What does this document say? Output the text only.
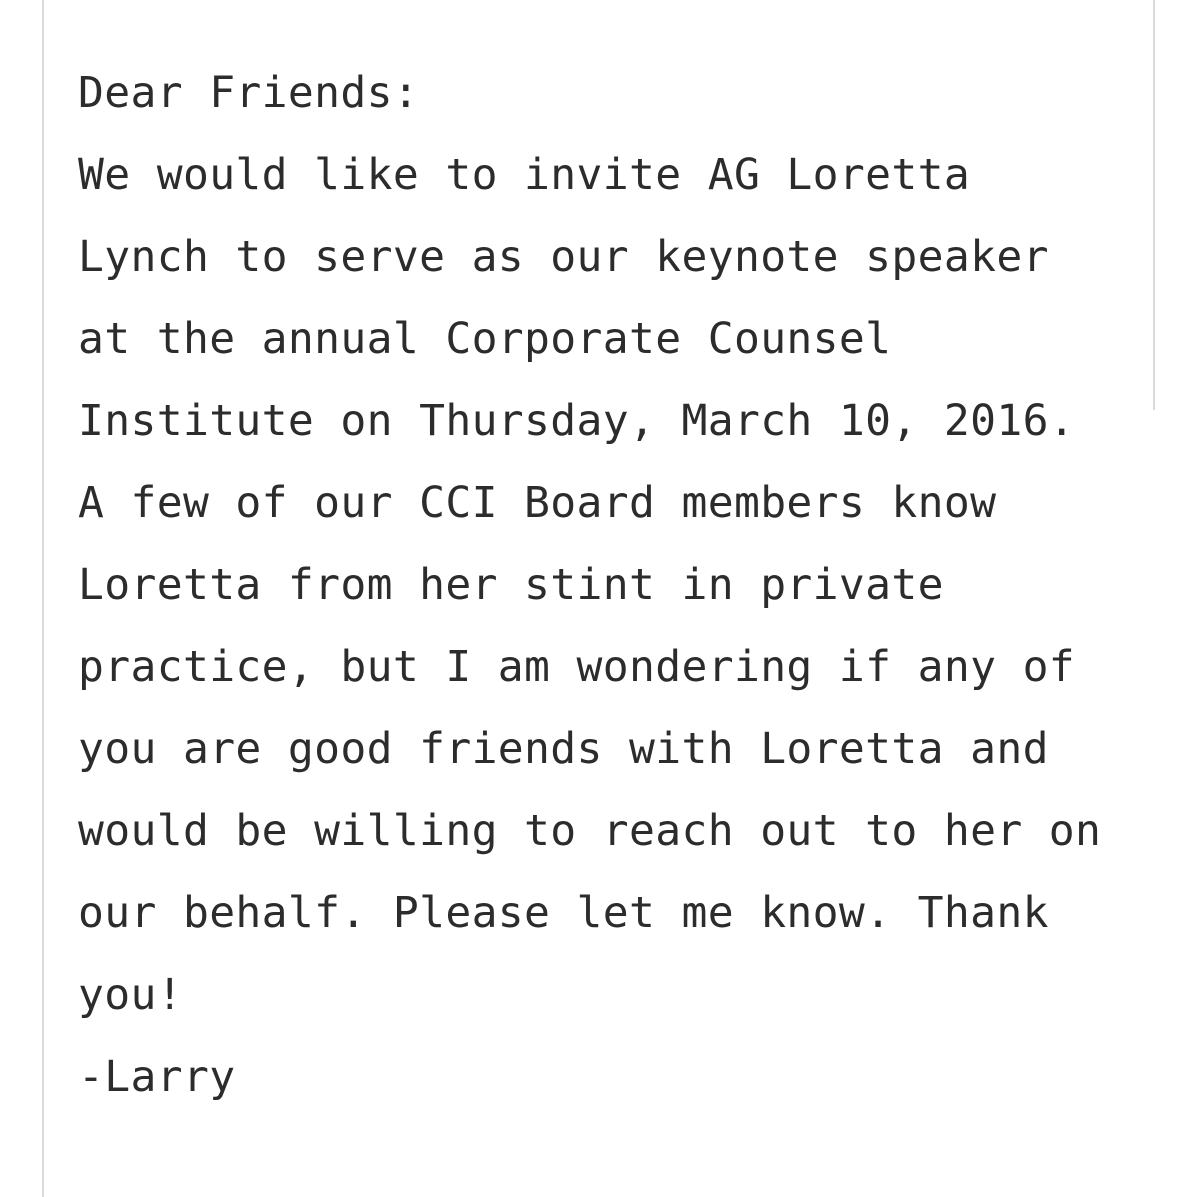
Dear Friends:
We would like to invite AG Loretta
Lynch to serve as our keynote speaker
at the annual Corporate Counsel
Institute on Thursday, March 10, 2016.
A few of our CCI Board members know
Loretta from her stint in private
practice, but I am wondering if any of
you are good friends with Loretta and
would be willing to reach out to her on
our behalf. Please let me know. Thank
you!
-Larry
